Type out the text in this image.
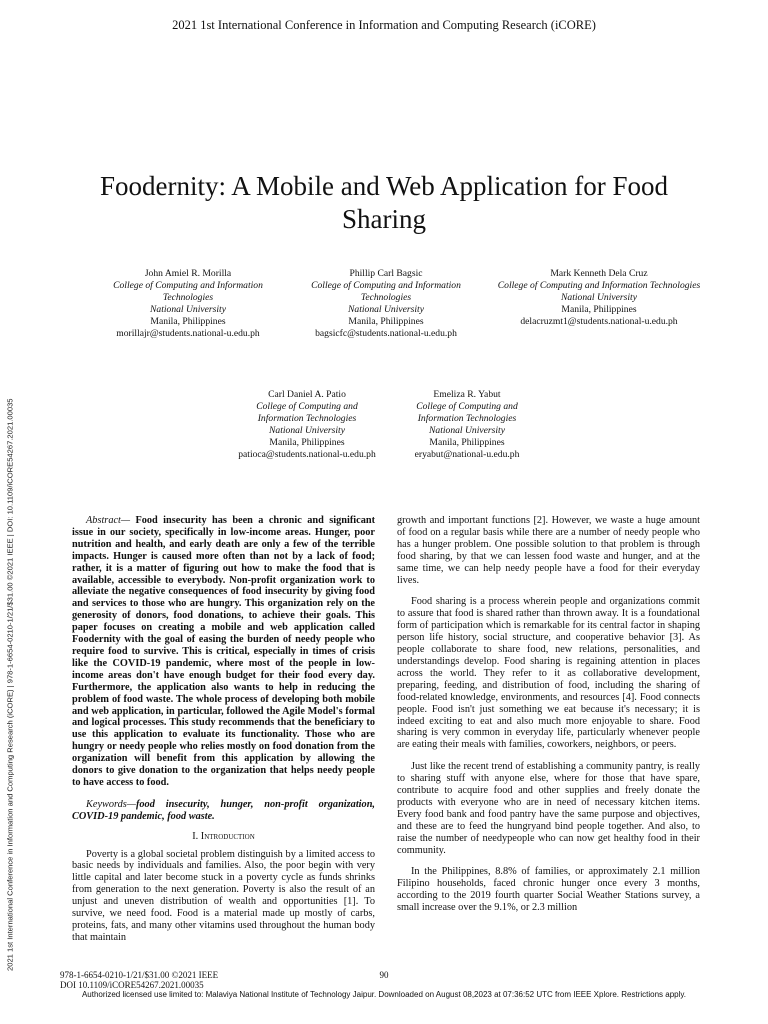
2021 1st International Conference in Information and Computing Research (iCORE)
2021 1st International Conference in Information and Computing Research (iCORE) | 978-1-6654-0210-1/21/$31.00 ©2021 IEEE | DOI: 10.1109/iCORE54267.2021.00035
Foodernity: A Mobile and Web Application for Food Sharing
John Amiel R. Morilla
College of Computing and Information Technologies
National University
Manila, Philippines
morillajr@students.national-u.edu.ph
Phillip Carl Bagsic
College of Computing and Information Technologies
National University
Manila, Philippines
bagsicfc@students.national-u.edu.ph
Mark Kenneth Dela Cruz
College of Computing and Information Technologies
National University
Manila, Philippines
delacruzmt1@students.national-u.edu.ph
Carl Daniel A. Patio
College of Computing and Information Technologies
National University
Manila, Philippines
patioca@students.national-u.edu.ph
Emeliza R. Yabut
College of Computing and Information Technologies
National University
Manila, Philippines
eryabut@national-u.edu.ph

Abstract— Food insecurity has been a chronic and significant issue in our society, specifically in low-income areas. Hunger, poor nutrition and health, and early death are only a few of the terrible impacts. Hunger is caused more often than not by a lack of food; rather, it is a matter of figuring out how to make the food that is available, accessible to everybody. Non-profit organization work to alleviate the negative consequences of food insecurity by giving food and services to those who are hungry. This organization rely on the generosity of donors, food donations, to achieve their goals. This paper focuses on creating a mobile and web application called Foodernity with the goal of easing the burden of needy people who require food to survive. This is critical, especially in times of crisis like the COVID-19 pandemic, where most of the people in low-income areas don't have enough budget for their food every day. Furthermore, the application also wants to help in reducing the problem of food waste. The whole process of developing both mobile and web application, in particular, followed the Agile Model's formal and logical processes. This study recommends that the beneficiary to use this application to evaluate its functionality. Those who are hungry or needy people who relies mostly on food donation from the organization will benefit from this application by allowing the donors to give donation to the organization that helps needy people to have access to food.

Keywords—food insecurity, hunger, non-profit organization, COVID-19 pandemic, food waste.

I. Introduction

Poverty is a global societal problem distinguish by a limited access to basic needs by individuals and families. Also, the poor begin with very little capital and later become stuck in a poverty cycle as funds shrinks from generation to the next generation. Poverty is also the result of an unjust and uneven distribution of wealth and opportunities [1]. To survive, we need food. Food is a material made up mostly of carbs, proteins, fats, and many other vitamins used throughout the human body that maintain

growth and important functions [2]. However, we waste a huge amount of food on a regular basis while there are a number of needy people who has a hunger problem. One possible solution to that problem is through food sharing, by that we can lessen food waste and hunger, and at the same time, we can help needy people have a food for their everyday lives.

Food sharing is a process wherein people and organizations commit to assure that food is shared rather than thrown away. It is a foundational form of participation which is remarkable for its central factor in shaping person life history, social structure, and cooperative behavior [3]. As people collaborate to share food, new relations, personalities, and understandings develop. Food sharing is regaining attention in places across the world. They refer to it as collaborative development, preparing, feeding, and distribution of food, including the sharing of food-related knowledge, environments, and resources [4]. Food connects people. Food isn't just something we eat because it's necessary; it is indeed exciting to eat and also much more enjoyable to share. Food sharing is very common in everyday life, particularly whenever people are eating their meals with families, coworkers, neighbors, or peers.

Just like the recent trend of establishing a community pantry, is really to sharing stuff with anyone else, where for those that have spare, contribute to acquire food and other supplies and freely donate the products with everyone who are in need of necessary kitchen items. Every food bank and food pantry have the same purpose and objectives, and these are to feed the hungryand bind people together. And also, to raise the number of needypeople who can now get healthy food in their community.

In the Philippines, 8.8% of families, or approximately 2.1 million Filipino households, faced chronic hunger once every 3 months, according to the 2019 fourth quarter Social Weather Stations survey, a small increase over the 9.1%, or 2.3 million

978-1-6654-0210-1/21/$31.00 ©2021 IEEE
DOI 10.1109/iCORE54267.2021.00035
90
Authorized licensed use limited to: Malaviya National Institute of Technology Jaipur. Downloaded on August 08,2023 at 07:36:52 UTC from IEEE Xplore. Restrictions apply.
